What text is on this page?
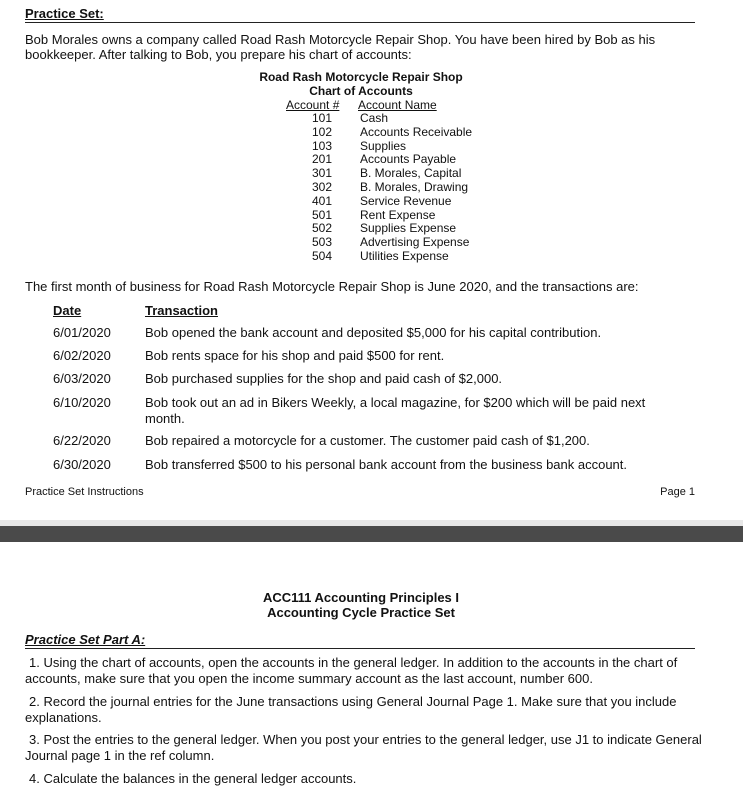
Practice Set:
Bob Morales owns a company called Road Rash Motorcycle Repair Shop. You have been hired by Bob as his bookkeeper. After talking to Bob, you prepare his chart of accounts:
Road Rash Motorcycle Repair Shop
Chart of Accounts
Account #	Account Name
101	Cash
102	Accounts Receivable
103	Supplies
201	Accounts Payable
301	B. Morales, Capital
302	B. Morales, Drawing
401	Service Revenue
501	Rent Expense
502	Supplies Expense
503	Advertising Expense
504	Utilities Expense
The first month of business for Road Rash Motorcycle Repair Shop is June 2020, and the transactions are:
Date	Transaction
6/01/2020	Bob opened the bank account and deposited $5,000 for his capital contribution.
6/02/2020	Bob rents space for his shop and paid $500 for rent.
6/03/2020	Bob purchased supplies for the shop and paid cash of $2,000.
6/10/2020	Bob took out an ad in Bikers Weekly, a local magazine, for $200 which will be paid next month.
6/22/2020	Bob repaired a motorcycle for a customer. The customer paid cash of $1,200.
6/30/2020	Bob transferred $500 to his personal bank account from the business bank account.
Practice Set Instructions	Page 1
ACC111 Accounting Principles I
Accounting Cycle Practice Set
Practice Set Part A:
1. Using the chart of accounts, open the accounts in the general ledger. In addition to the accounts in the chart of accounts, make sure that you open the income summary account as the last account, number 600.
2. Record the journal entries for the June transactions using General Journal Page 1. Make sure that you include explanations.
3. Post the entries to the general ledger. When you post your entries to the general ledger, use J1 to indicate General Journal page 1 in the ref column.
4. Calculate the balances in the general ledger accounts.
